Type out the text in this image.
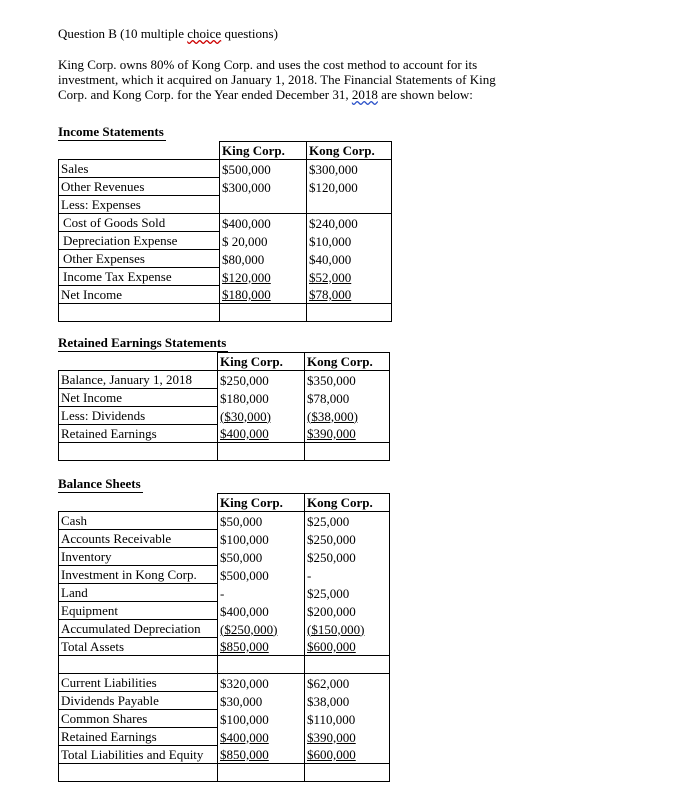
Question B (10 multiple choice questions)
King Corp. owns 80% of Kong Corp. and uses the cost method to account for its
investment, which it acquired on January 1, 2018. The Financial Statements of King
Corp. and Kong Corp. for the Year ended December 31, 2018 are shown below:
Income Statements
	King Corp.	Kong Corp.
Sales	$500,000	$300,000
Other Revenues	$300,000	$120,000
Less: Expenses		
Cost of Goods Sold	$400,000	$240,000
Depreciation Expense	$ 20,000	$10,000
Other Expenses	$80,000	$40,000
Income Tax Expense	$120,000	$52,000
Net Income	$180,000	$78,000

Retained Earnings Statements
	King Corp.	Kong Corp.
Balance, January 1, 2018	$250,000	$350,000
Net Income	$180,000	$78,000
Less: Dividends	($30,000)	($38,000)
Retained Earnings	$400,000	$390,000

Balance Sheets
	King Corp.	Kong Corp.
Cash	$50,000	$25,000
Accounts Receivable	$100,000	$250,000
Inventory	$50,000	$250,000
Investment in Kong Corp.	$500,000	-
Land	-	$25,000
Equipment	$400,000	$200,000
Accumulated Depreciation	($250,000)	($150,000)
Total Assets	$850,000	$600,000

Current Liabilities	$320,000	$62,000
Dividends Payable	$30,000	$38,000
Common Shares	$100,000	$110,000
Retained Earnings	$400,000	$390,000
Total Liabilities and Equity	$850,000	$600,000
